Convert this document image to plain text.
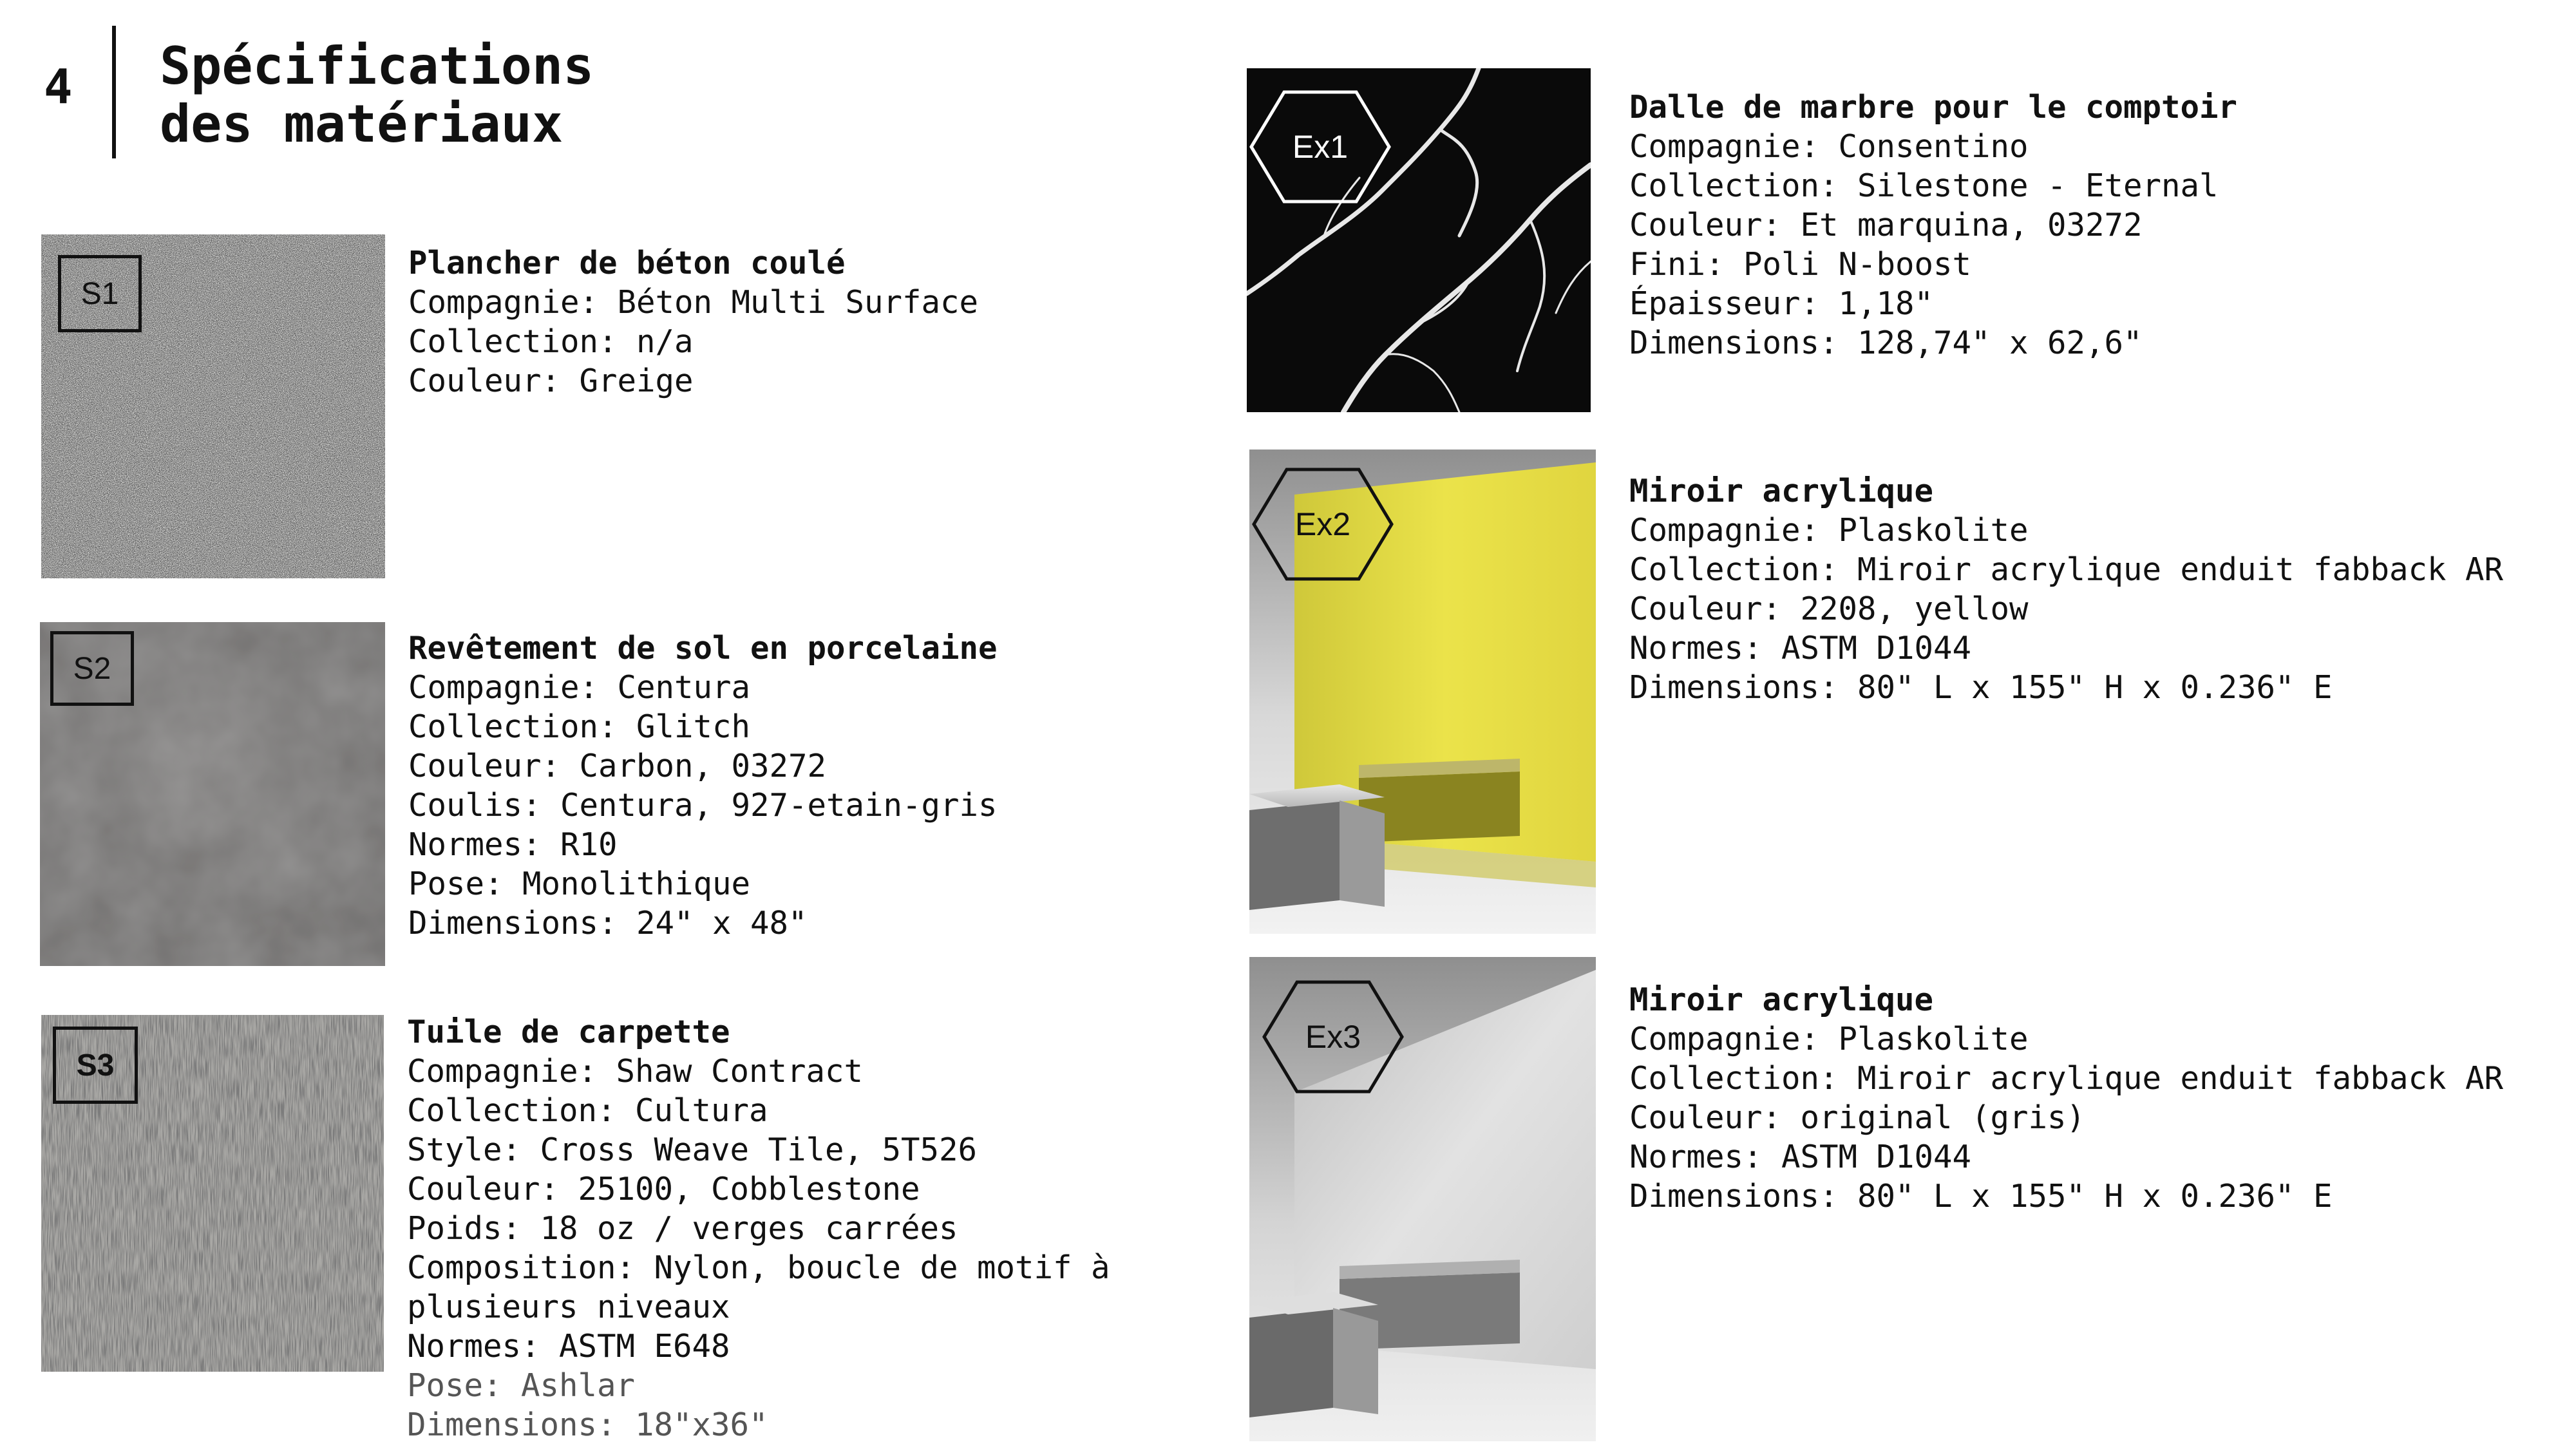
4 Spécifications
des matériaux
S1
S2
S3
Ex1
Ex2
Ex3
Plancher de béton coulé
Compagnie: Béton Multi Surface
Collection: n/a
Couleur: Greige
Revêtement de sol en porcelaine
Compagnie: Centura
Collection: Glitch
Couleur: Carbon, 03272
Coulis: Centura, 927-etain-gris
Normes: R10
Pose: Monolithique
Dimensions: 24" x 48"
Tuile de carpette
Compagnie: Shaw Contract
Collection: Cultura
Style: Cross Weave Tile, 5T526
Couleur: 25100, Cobblestone
Poids: 18 oz / verges carrées
Composition: Nylon, boucle de motif à
plusieurs niveaux
Normes: ASTM E648
Pose: Ashlar
Dimensions: 18"x36"
Dalle de marbre pour le comptoir
Compagnie: Consentino
Collection: Silestone - Eternal
Couleur: Et marquina, 03272
Fini: Poli N-boost
Épaisseur: 1,18"
Dimensions: 128,74" x 62,6"
Miroir acrylique
Compagnie: Plaskolite
Collection: Miroir acrylique enduit fabback AR
Couleur: 2208, yellow
Normes: ASTM D1044
Dimensions: 80" L x 155" H x 0.236" E
Miroir acrylique
Compagnie: Plaskolite
Collection: Miroir acrylique enduit fabback AR
Couleur: original (gris)
Normes: ASTM D1044
Dimensions: 80" L x 155" H x 0.236" E
